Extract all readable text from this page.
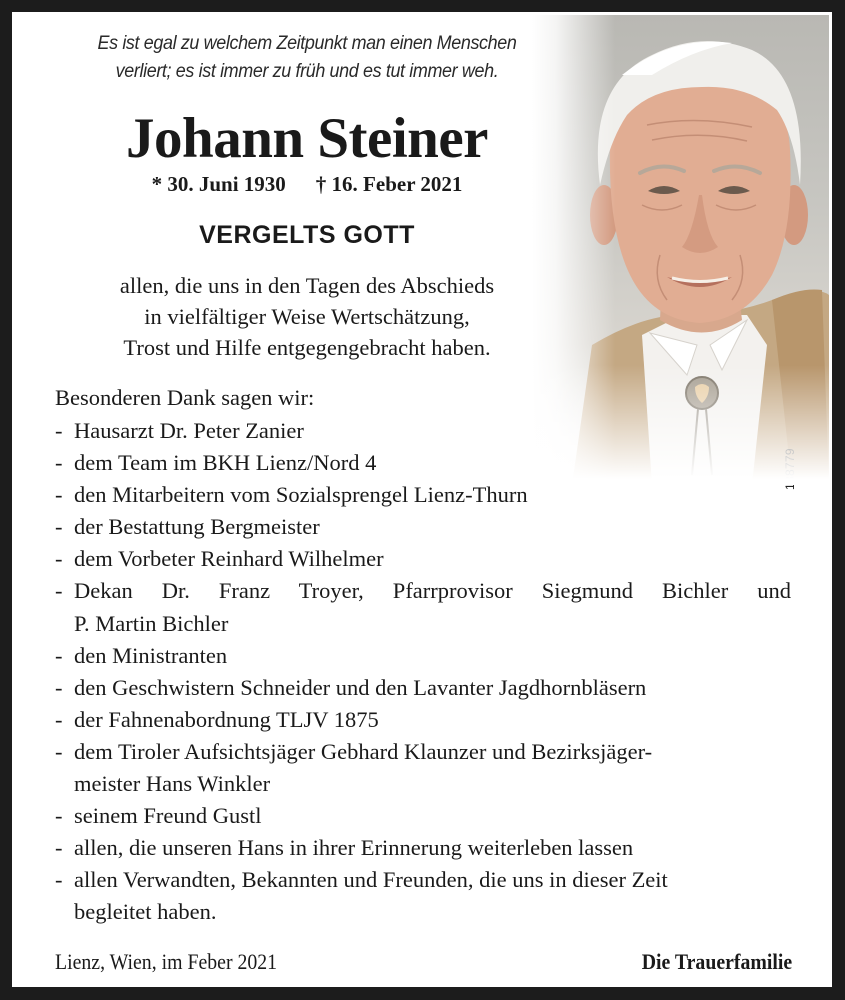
Es ist egal zu welchem Zeitpunkt man einen Menschen
verliert; es ist immer zu früh und es tut immer weh.
Johann Steiner
* 30. Juni 1930 † 16. Feber 2021
VERGELTS GOTT
allen, die uns in den Tagen des Abschieds
in vielfältiger Weise Wertschätzung,
Trost und Hilfe entgegengebracht haben.
Besonderen Dank sagen wir:
- Hausarzt Dr. Peter Zanier
- dem Team im BKH Lienz/Nord 4
- den Mitarbeitern vom Sozialsprengel Lienz-Thurn
- der Bestattung Bergmeister
- dem Vorbeter Reinhard Wilhelmer
- Dekan Dr. Franz Troyer, Pfarrprovisor Siegmund Bichler und
P. Martin Bichler
- den Ministranten
- den Geschwistern Schneider und den Lavanter Jagdhornbläsern
- der Fahnenabordnung TLJV 1875
- dem Tiroler Aufsichtsjäger Gebhard Klaunzer und Bezirksjäger-
meister Hans Winkler
- seinem Freund Gustl
- allen, die unseren Hans in ihrer Erinnerung weiterleben lassen
- allen Verwandten, Bekannten und Freunden, die uns in dieser Zeit
begleitet haben.
Lienz, Wien, im Feber 2021	Die Trauerfamilie
